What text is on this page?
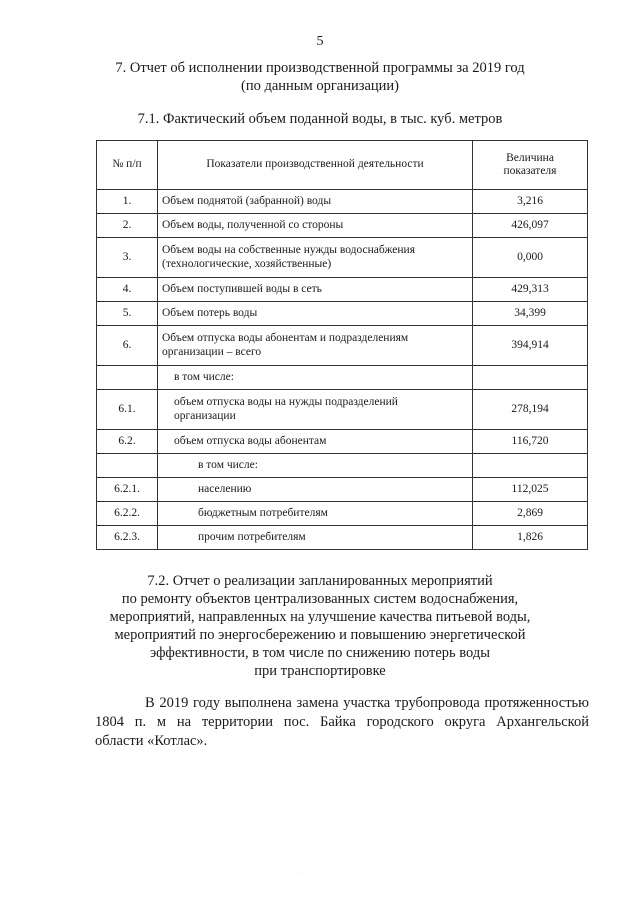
5
7. Отчет об исполнении производственной программы за 2019 год
(по данным организации)
7.1. Фактический объем поданной воды, в тыс. куб. метров
№ п/п	Показатели производственной деятельности	Величина
показателя

1.	Объем поднятой (забранной) воды	3,216
2.	Объем воды, полученной со стороны	426,097
3.	Объем воды на собственные нужды водоснабжения
(технологические, хозяйственные)	0,000
4.	Объем поступившей воды в сеть	429,313
5.	Объем потерь воды	34,399
6.	Объем отпуска воды абонентам и подразделениям
организации – всего	394,914
	в том числе:	
6.1.	объем отпуска воды на нужды подразделений
организации	278,194
6.2.	объем отпуска воды абонентам	116,720
	в том числе:	
6.2.1.	населению	112,025
6.2.2.	бюджетным потребителям	2,869
6.2.3.	прочим потребителям	1,826
7.2. Отчет о реализации запланированных мероприятий
по ремонту объектов централизованных систем водоснабжения,
мероприятий, направленных на улучшение качества питьевой воды,
мероприятий по энергосбережению и повышению энергетической
эффективности, в том числе по снижению потерь воды
при транспортировке
В 2019 году выполнена замена участка трубопровода протяженностью
1804 п. м на территории пос. Байка городского округа Архангельской
области «Котлас».
·
